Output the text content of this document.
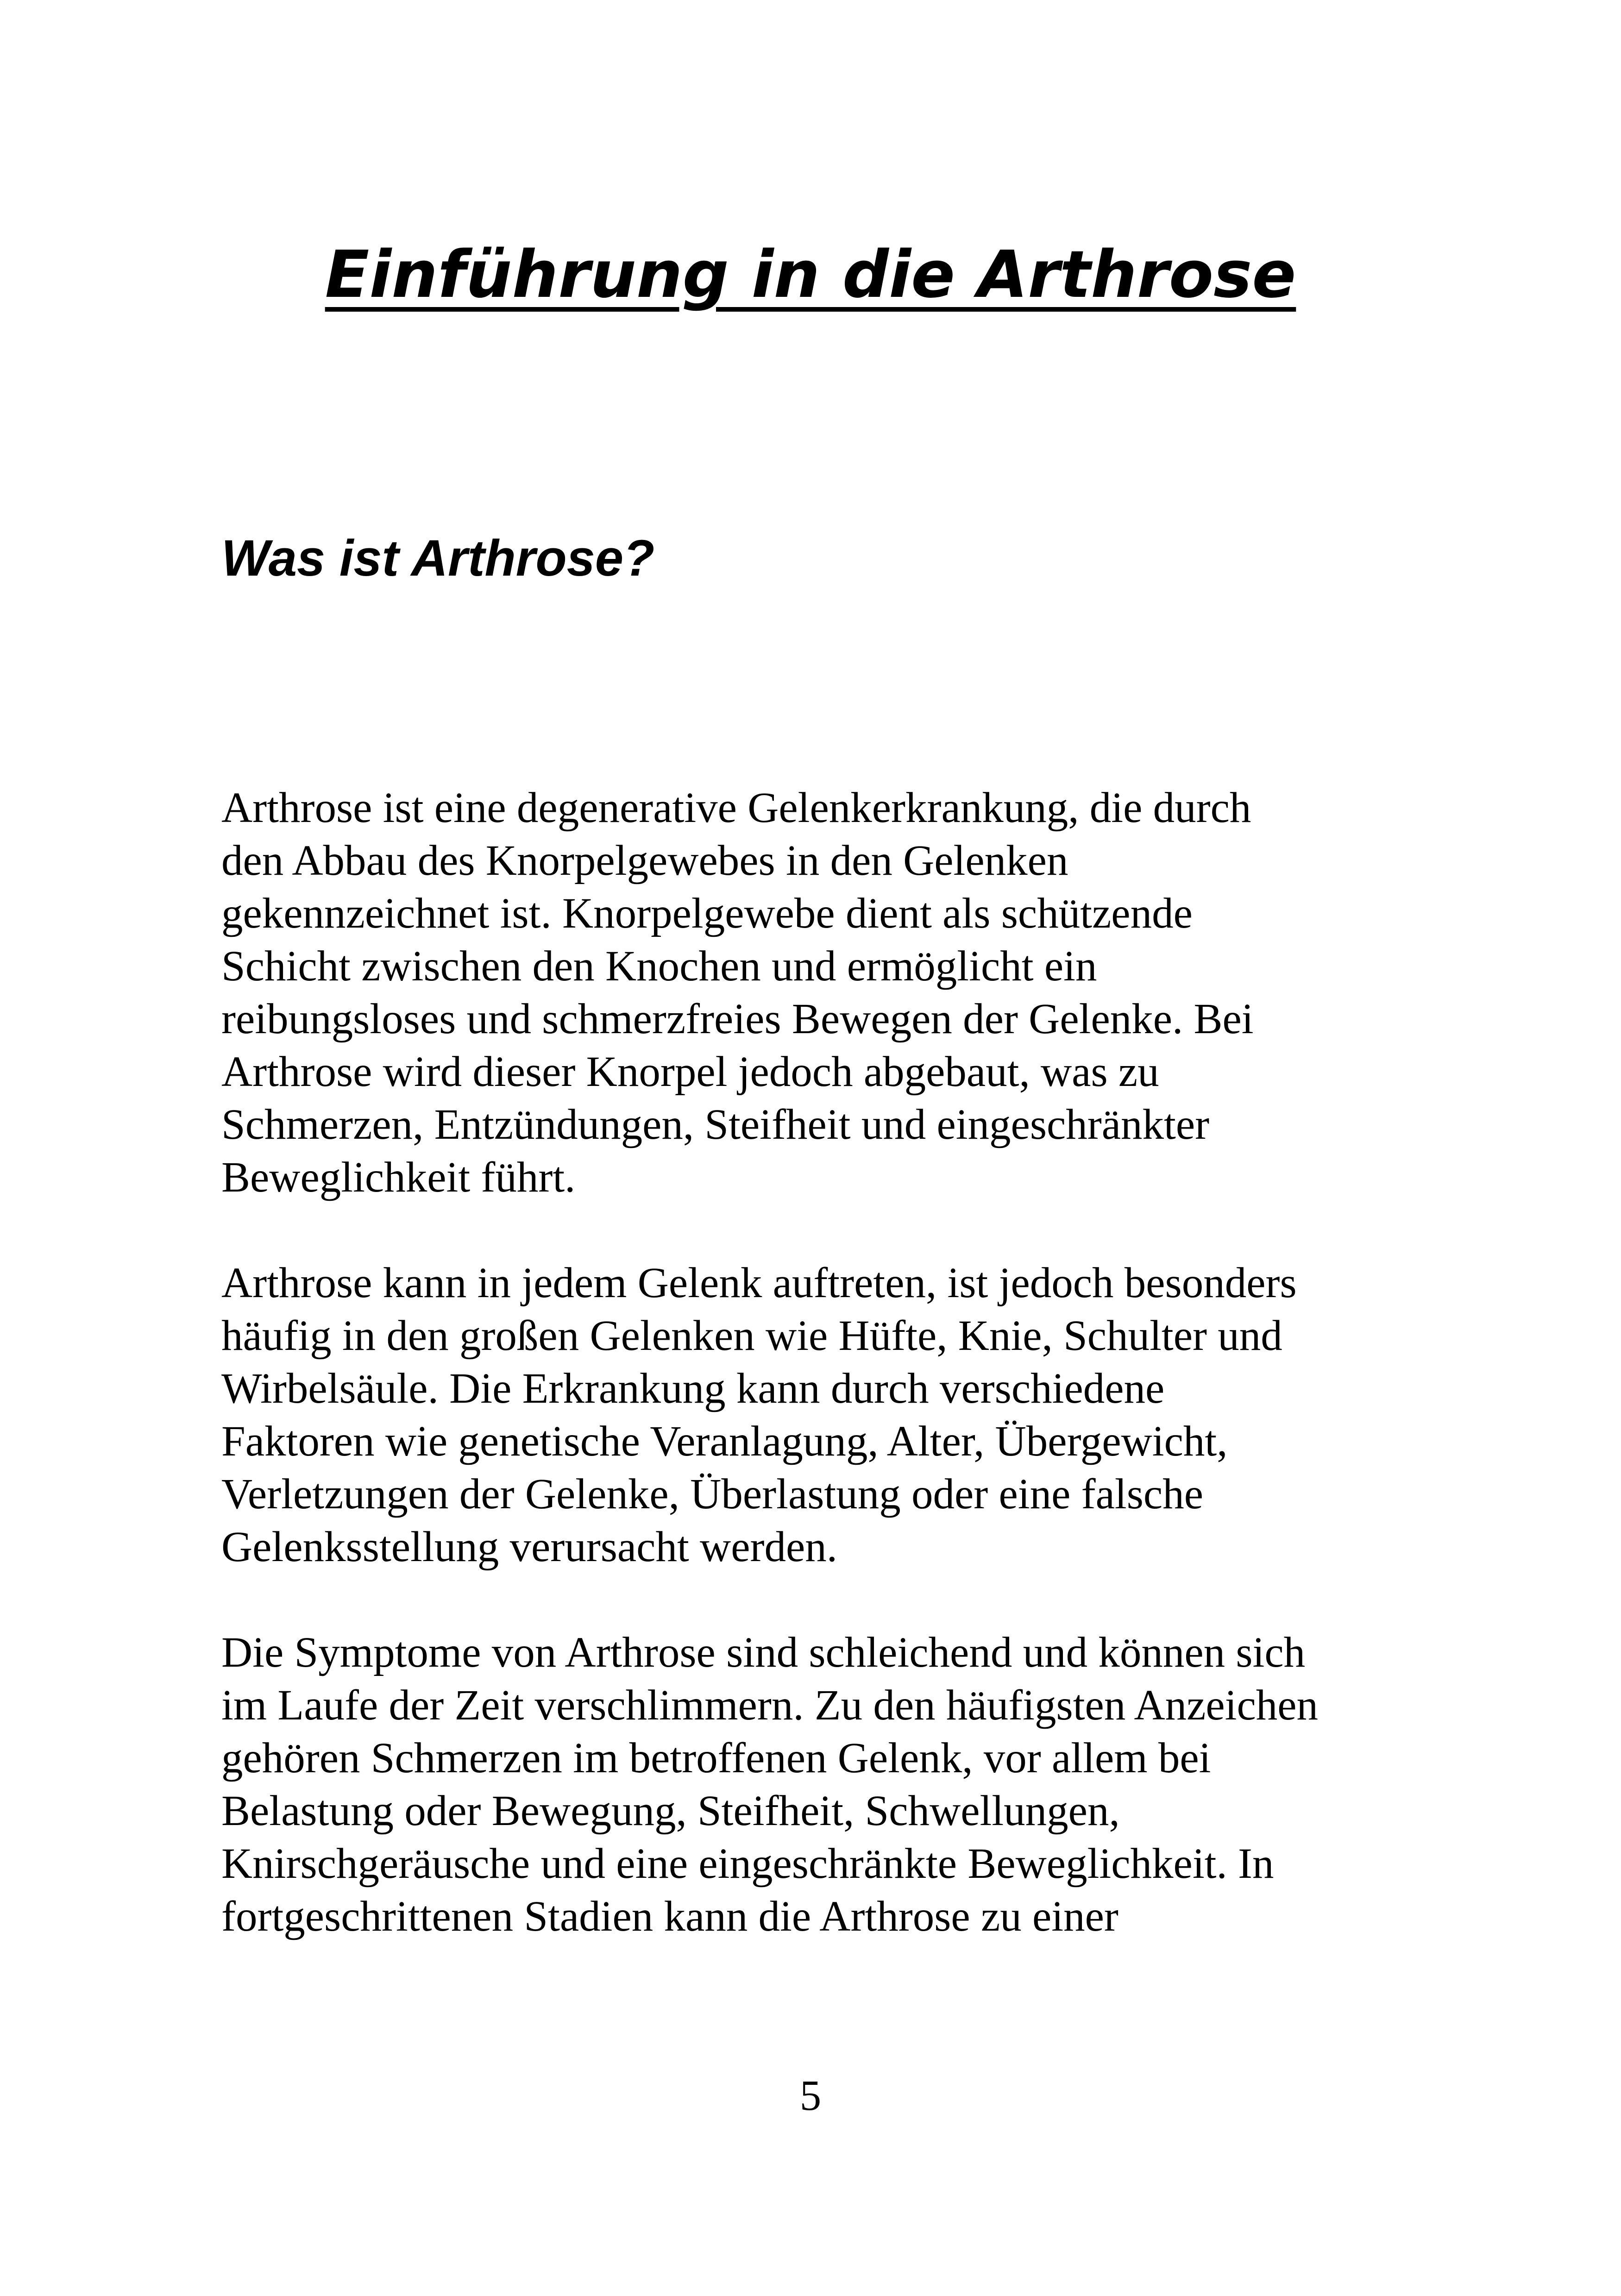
Einführung in die Arthrose
Was ist Arthrose?

Arthrose ist eine degenerative Gelenkerkrankung, die durch
den Abbau des Knorpelgewebes in den Gelenken
gekennzeichnet ist. Knorpelgewebe dient als schützende
Schicht zwischen den Knochen und ermöglicht ein
reibungsloses und schmerzfreies Bewegen der Gelenke. Bei
Arthrose wird dieser Knorpel jedoch abgebaut, was zu
Schmerzen, Entzündungen, Steifheit und eingeschränkter
Beweglichkeit führt.

Arthrose kann in jedem Gelenk auftreten, ist jedoch besonders
häufig in den großen Gelenken wie Hüfte, Knie, Schulter und
Wirbelsäule. Die Erkrankung kann durch verschiedene
Faktoren wie genetische Veranlagung, Alter, Übergewicht,
Verletzungen der Gelenke, Überlastung oder eine falsche
Gelenksstellung verursacht werden.

Die Symptome von Arthrose sind schleichend und können sich
im Laufe der Zeit verschlimmern. Zu den häufigsten Anzeichen
gehören Schmerzen im betroffenen Gelenk, vor allem bei
Belastung oder Bewegung, Steifheit, Schwellungen,
Knirschgeräusche und eine eingeschränkte Beweglichkeit. In
fortgeschrittenen Stadien kann die Arthrose zu einer

5
